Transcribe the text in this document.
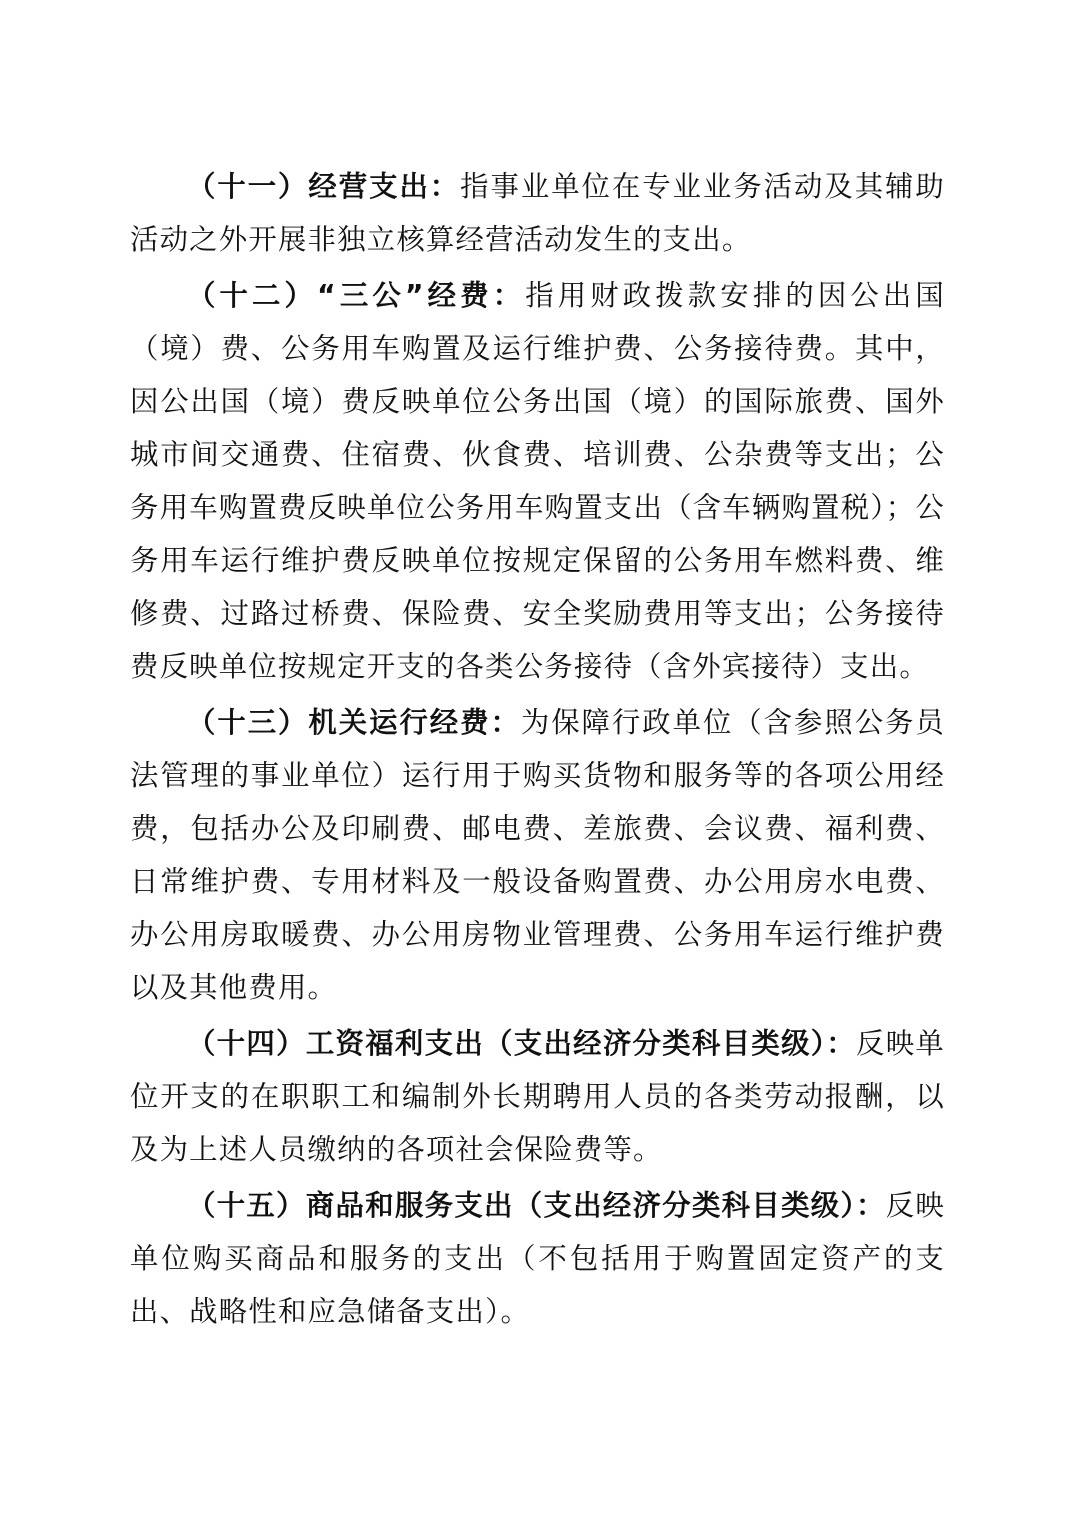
（十一）经营支出：指事业单位在专业业务活动及其辅助活动之外开展非独立核算经营活动发生的支出。

（十二）“三公”经费：指用财政拨款安排的因公出国（境）费、公务用车购置及运行维护费、公务接待费。其中，因公出国（境）费反映单位公务出国（境）的国际旅费、国外城市间交通费、住宿费、伙食费、培训费、公杂费等支出；公务用车购置费反映单位公务用车购置支出（含车辆购置税）；公务用车运行维护费反映单位按规定保留的公务用车燃料费、维修费、过路过桥费、保险费、安全奖励费用等支出；公务接待费反映单位按规定开支的各类公务接待（含外宾接待）支出。

（十三）机关运行经费：为保障行政单位（含参照公务员法管理的事业单位）运行用于购买货物和服务等的各项公用经费，包括办公及印刷费、邮电费、差旅费、会议费、福利费、日常维护费、专用材料及一般设备购置费、办公用房水电费、办公用房取暖费、办公用房物业管理费、公务用车运行维护费以及其他费用。

（十四）工资福利支出（支出经济分类科目类级）：反映单位开支的在职职工和编制外长期聘用人员的各类劳动报酬，以及为上述人员缴纳的各项社会保险费等。

（十五）商品和服务支出（支出经济分类科目类级）：反映单位购买商品和服务的支出（不包括用于购置固定资产的支出、战略性和应急储备支出）。
